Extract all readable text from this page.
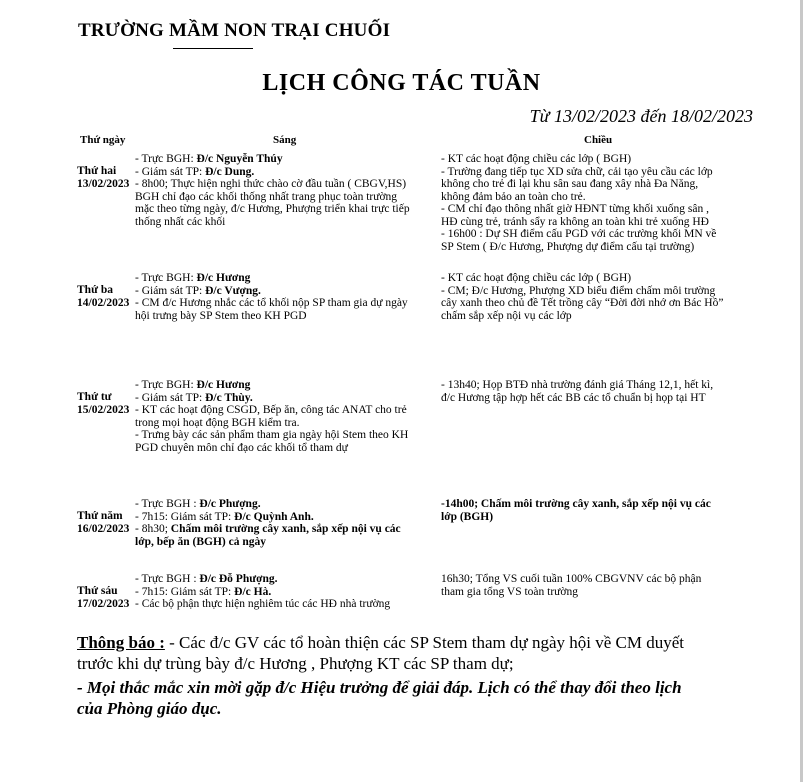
TRƯỜNG MẦM NON TRẠI CHUỐI
LỊCH CÔNG TÁC TUẦN
Từ 13/02/2023 đến 18/02/2023
Thứ ngày	Sáng	Chiều
Thứ hai
13/02/2023
- Trực BGH: Đ/c Nguyễn Thúy
- Giám sát TP: Đ/c Dung.
- 8h00; Thực hiện nghi thức chào cờ đầu tuần ( CBGV,HS)
BGH chỉ đạo các khối thống nhất trang phục toàn trường
mặc theo từng ngày, đ/c Hương, Phượng triển khai trực tiếp
thống nhất các khối
- KT các hoạt động chiều các lớp ( BGH)
- Trường đang tiếp tục XD sửa chữ, cải tạo yêu cầu các lớp
không cho trẻ đi lại khu sân sau đang xây nhà Đa Năng,
không đảm bảo an toàn cho trẻ.
- CM chỉ đạo thông nhất giờ HĐNT từng khối xuống sân ,
HĐ cùng trẻ, tránh sẩy ra không an toàn khi trẻ xuống HĐ
- 16h00 : Dự SH điểm cấu PGD với các trường khối MN về
SP Stem ( Đ/c Hương, Phượng dự điểm cấu tại trường)
Thứ ba
14/02/2023
- Trực BGH: Đ/c Hương
- Giám sát TP: Đ/c Vượng.
- CM đ/c Hương nhắc các tổ khối nộp SP tham gia dự ngày
hội trưng bày SP Stem theo KH PGD
- KT các hoạt động chiều các lớp ( BGH)
- CM; Đ/c Hương, Phượng XD biểu điểm chấm môi trường
cây xanh theo chủ đề Tết trồng cây “Đời đời nhớ ơn Bác Hồ”
chấm sắp xếp nội vụ các lớp
Thứ tư
15/02/2023
- Trực BGH: Đ/c Hương
- Giám sát TP: Đ/c Thùy.
- KT các hoạt động CSGD, Bếp ăn, công tác ANAT cho trẻ
trong mọi hoạt động BGH kiểm tra.
- Trưng bày các sản phẩm tham gia ngày hội Stem theo KH
PGD chuyên môn chỉ đạo các khối tổ tham dự
- 13h40; Họp BTĐ nhà trường đánh giá Tháng 12,1, hết kì,
đ/c Hương tập hợp hết các BB các tổ chuẩn bị họp tại HT
Thứ năm
16/02/2023
- Trực BGH : Đ/c Phượng.
- 7h15: Giám sát TP: Đ/c Quỳnh Anh.
- 8h30; Chấm môi trường cây xanh, sắp xếp nội vụ các
lớp, bếp ăn (BGH) cả ngày
-14h00; Chấm môi trường cây xanh, sắp xếp nội vụ các
lớp (BGH)
Thứ sáu
17/02/2023
- Trực BGH : Đ/c Đỗ Phượng.
- 7h15: Giám sát TP: Đ/c Hà.
- Các bộ phận thực hiện nghiêm túc các HĐ nhà trường
16h30; Tổng VS cuối tuần 100% CBGVNV các bộ phận
tham gia tổng VS toàn trường
Thông báo : - Các đ/c GV các tổ hoàn thiện các SP Stem tham dự ngày hội về CM duyết
trước khi dự trùng bày đ/c Hương , Phượng KT các SP tham dự;
- Mọi thắc mắc xin mời gặp đ/c Hiệu trưởng để giải đáp. Lịch có thể thay đổi theo lịch
của Phòng giáo dục.
